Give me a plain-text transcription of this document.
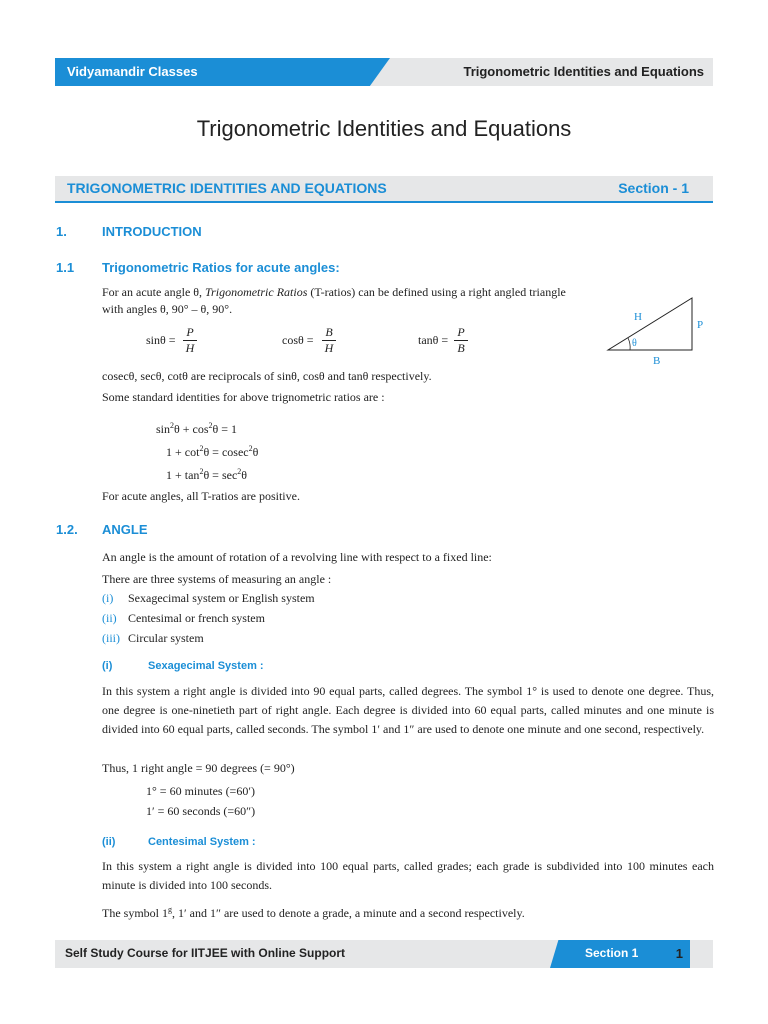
Vidyamandir Classes	Trigonometric Identities and Equations
Trigonometric Identities and Equations
TRIGONOMETRIC IDENTITIES AND EQUATIONS	Section - 1
1.	INTRODUCTION
1.1 Trigonometric Ratios for acute angles:
For an acute angle θ, Trigonometric Ratios (T-ratios) can be defined using a right angled triangle
with angles θ, 90° – θ, 90°.
sinθ =
P
H
cosθ =
B
H
tanθ =
P
B
H
P
B
θ
cosecθ, secθ, cotθ are reciprocals of sinθ, cosθ and tanθ respectively.
Some standard identities for above trignometric ratios are :
$\sin^2\theta + \cos^2\theta = 1$
$1 + \cot^2\theta = cosec^2\theta$
$1 + \tan^2\theta = \sec^2\theta$
For acute angles, all T-ratios are positive.
1.2. ANGLE
An angle is the amount of rotation of a revolving line with respect to a fixed line:
There are three systems of measuring an angle :
(i) Sexagecimal system or English system
(ii) Centesimal or french system
(iii) Circular system
(i)	Sexagecimal System :
In this system a right angle is divided into 90 equal parts, called degrees. The symbol 1° is used to denote one degree. Thus, one degree is one-ninetieth part of right angle. Each degree is divided into 60 equal parts, called minutes and one minute is divided into 60 equal parts, called seconds. The symbol 1′ and 1″ are used to denote one minute and one second, respectively.
Thus, 1 right angle = 90 degrees (= 90°)
1° = 60 minutes (=60′)
1′ = 60 seconds (=60″)
(ii)	Centesimal System :
In this system a right angle is divided into 100 equal parts, called grades; each grade is subdivided into 100 minutes each minute is divided into 100 seconds.
The symbol 1$^g$, 1′ and 1″ are used to denote a grade, a minute and a second respectively.
Self Study Course for IITJEE with Online Support	Section 1	1
